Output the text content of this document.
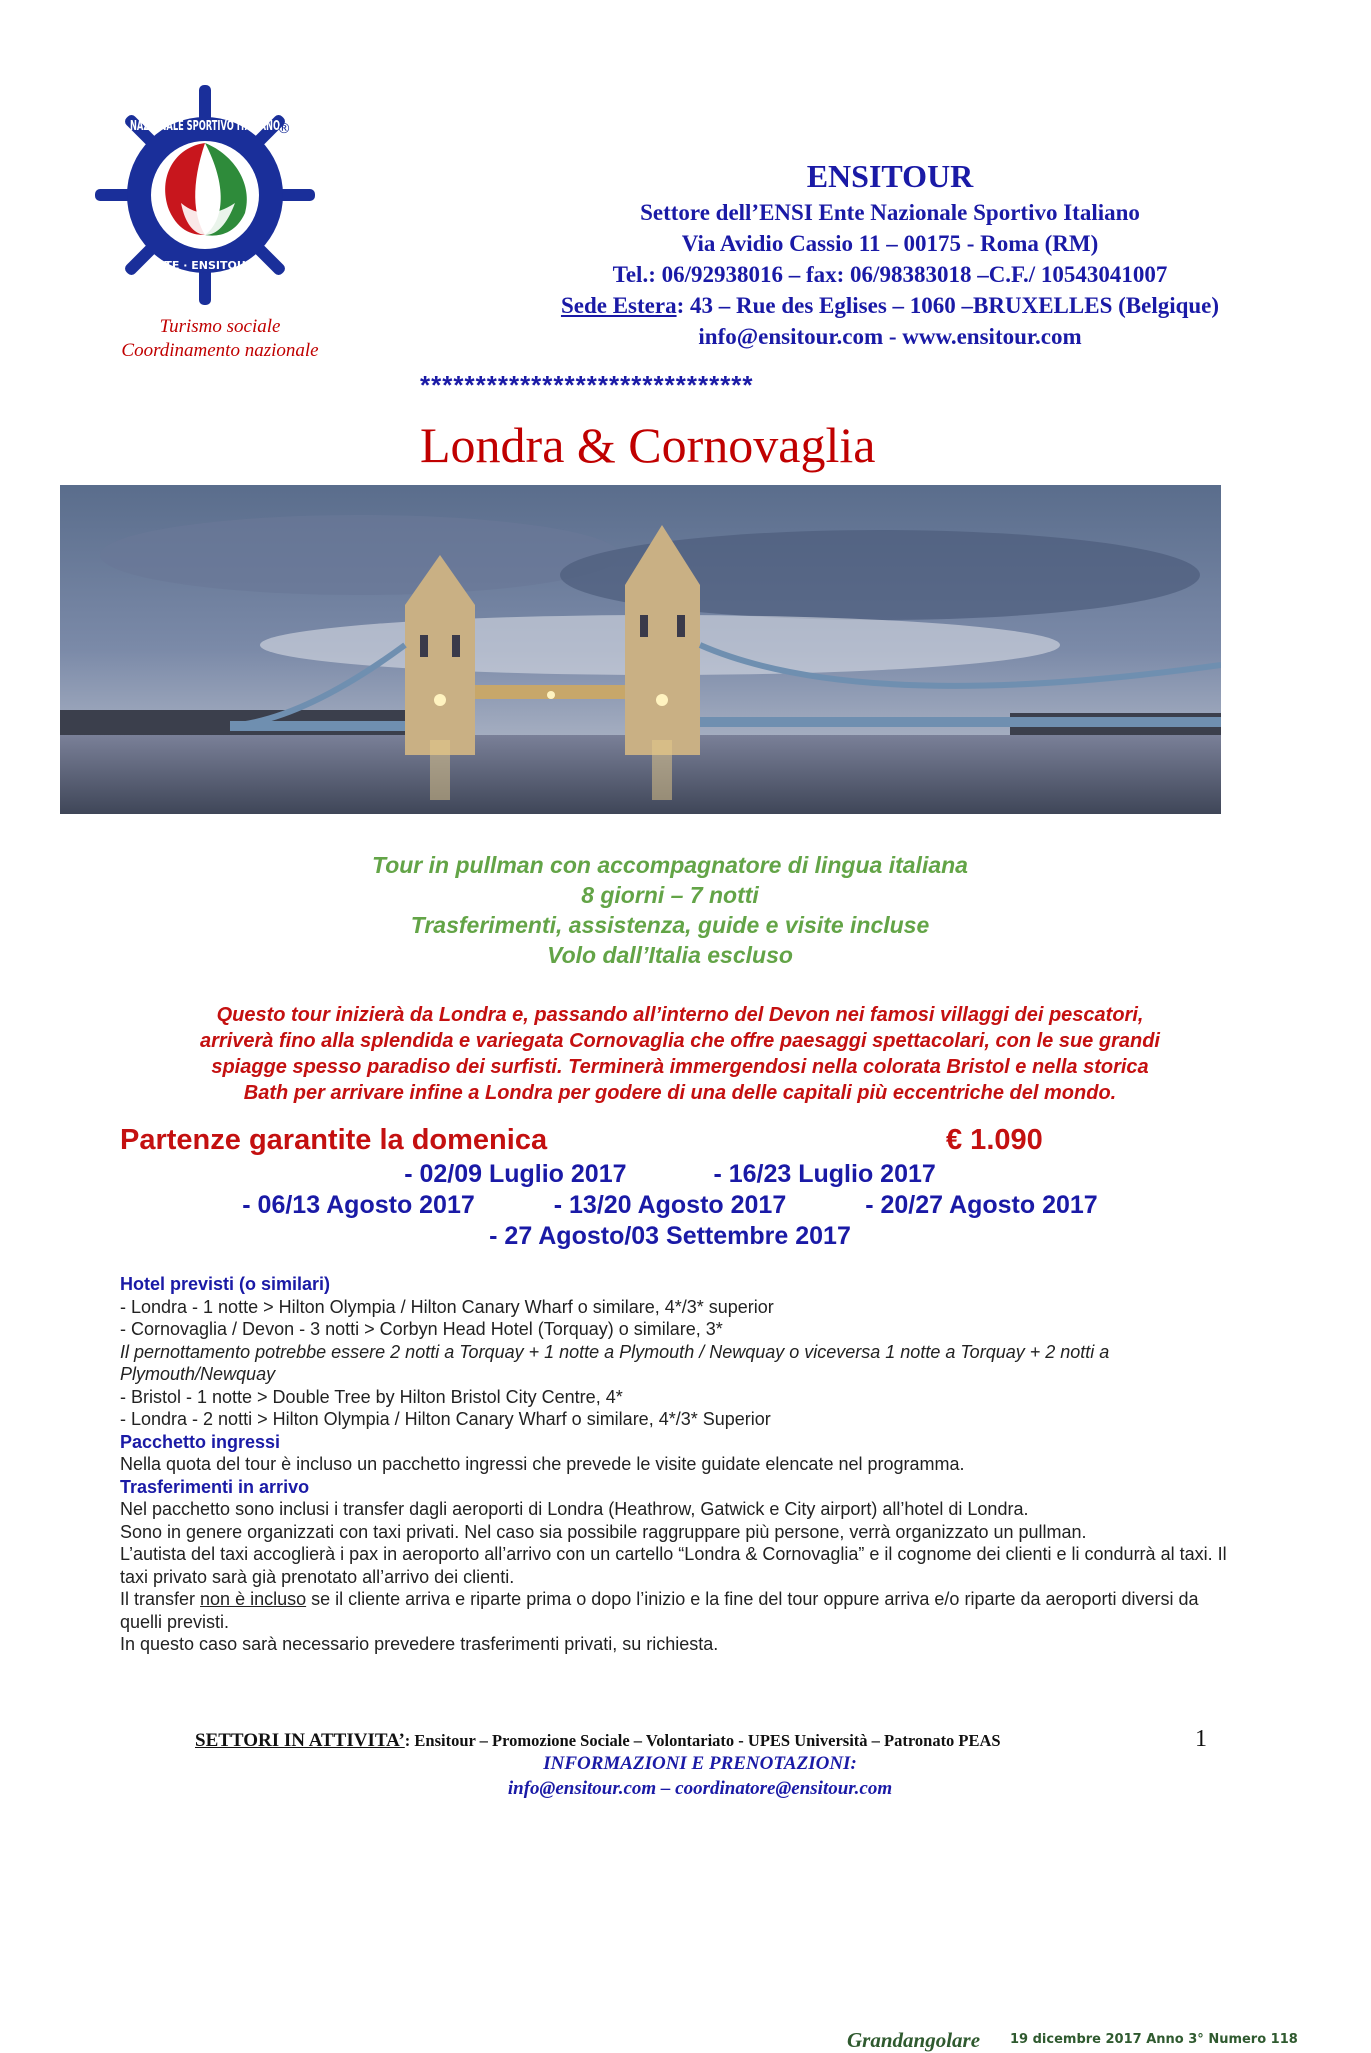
NAZIONALE SPORTIVO ITALIANO
ENTE · ENSITOUR ·
®
Turismo sociale
Coordinamento nazionale
ENSITOUR
Settore dell’ENSI Ente Nazionale Sportivo Italiano
Via Avidio Cassio 11 – 00175 - Roma (RM)
Tel.: 06/92938016 – fax: 06/98383018 –C.F./ 10543041007
Sede Estera: 43 – Rue des Eglises – 1060 –BRUXELLES (Belgique)
info@ensitour.com - www.ensitour.com
******************************
Londra & Cornovaglia
Tour in pullman con accompagnatore di lingua italiana
8 giorni – 7 notti
Trasferimenti, assistenza, guide e visite incluse
Volo dall’Italia escluso
Questo tour inizierà da Londra e, passando all’interno del Devon nei famosi villaggi dei pescatori,
arriverà fino alla splendida e variegata Cornovaglia che offre paesaggi spettacolari, con le sue grandi
spiagge spesso paradiso dei surfisti. Terminerà immergendosi nella colorata Bristol e nella storica
Bath per arrivare infine a Londra per godere di una delle capitali più eccentriche del mondo.
Partenze garantite la domenica	€ 1.090
- 02/09 Luglio 2017	- 16/23 Luglio 2017
- 06/13 Agosto 2017	- 13/20 Agosto 2017	- 20/27 Agosto 2017
- 27 Agosto/03 Settembre 2017
Hotel previsti (o similari)
- Londra - 1 notte > Hilton Olympia / Hilton Canary Wharf o similare, 4*/3* superior
- Cornovaglia / Devon - 3 notti > Corbyn Head Hotel (Torquay) o similare, 3*
Il pernottamento potrebbe essere 2 notti a Torquay + 1 notte a Plymouth / Newquay o viceversa 1 notte a Torquay + 2 notti a Plymouth/Newquay
- Bristol - 1 notte > Double Tree by Hilton Bristol City Centre, 4*
- Londra - 2 notti > Hilton Olympia / Hilton Canary Wharf o similare, 4*/3* Superior
Pacchetto ingressi
Nella quota del tour è incluso un pacchetto ingressi che prevede le visite guidate elencate nel programma.
Trasferimenti in arrivo
Nel pacchetto sono inclusi i transfer dagli aeroporti di Londra (Heathrow, Gatwick e City airport) all’hotel di Londra.
Sono in genere organizzati con taxi privati. Nel caso sia possibile raggruppare più persone, verrà organizzato un pullman.
L’autista del taxi accoglierà i pax in aeroporto all’arrivo con un cartello “Londra & Cornovaglia” e il cognome dei clienti e li condurrà al taxi. Il taxi privato sarà già prenotato all’arrivo dei clienti.
Il transfer non è incluso se il cliente arriva e riparte prima o dopo l’inizio e la fine del tour oppure arriva e/o riparte da aeroporti diversi da quelli previsti.
In questo caso sarà necessario prevedere trasferimenti privati, su richiesta.
SETTORI IN ATTIVITA’: Ensitour – Promozione Sociale – Volontariato - UPES Università – Patronato PEAS	1
INFORMAZIONI E PRENOTAZIONI:
info@ensitour.com – coordinatore@ensitour.com
Grandangolare 19 dicembre 2017 Anno 3° Numero 118
